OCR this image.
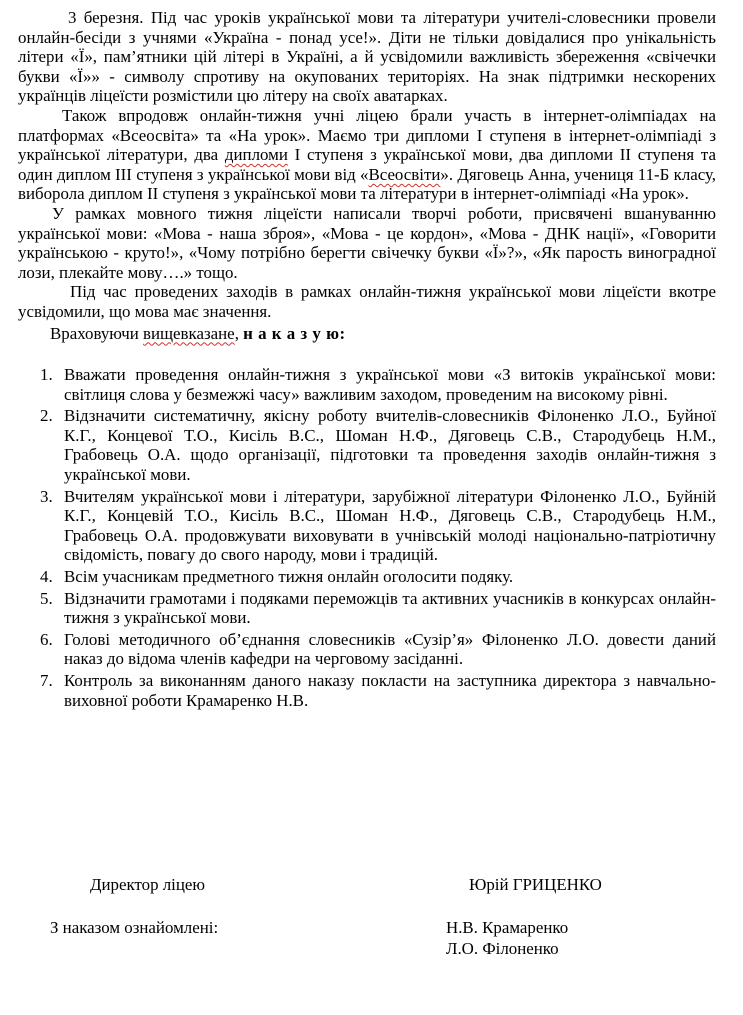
3 березня. Під час уроків української мови та літератури учителі-словесники провели онлайн-бесіди з учнями «Україна - понад усе!». Діти не тільки довідалися про унікальність літери «Ї», пам’ятники цій літері в Україні, а й усвідомили важливість збереження «свічечки букви «Ї»» - символу спротиву на окупованих територіях. На знак підтримки нескорених українців ліцеїсти розмістили цю літеру на своїх аватарках.

Також впродовж онлайн-тижня учні ліцею брали участь в інтернет-олімпіадах на платформах «Всеосвіта» та «На урок». Маємо три дипломи І ступеня в інтернет-олімпіаді з української літератури, два дипломи І ступеня з української мови, два дипломи ІІ ступеня та один диплом ІІІ ступеня з української мови від «Всеосвіти». Дяговець Анна, учениця 11-Б класу, виборола диплом ІІ ступеня з української мови та літератури в інтернет-олімпіаді «На урок».

У рамках мовного тижня ліцеїсти написали творчі роботи, присвячені вшануванню української мови: «Мова - наша зброя», «Мова - це кордон», «Мова - ДНК нації», «Говорити українською - круто!», «Чому потрібно берегти свічечку букви «Ї»?», «Як парость виноградної лози, плекайте мову….» тощо.

Під час проведених заходів в рамках онлайн-тижня української мови ліцеїсти вкотре усвідомили, що мова має значення.

Враховуючи вищевказане, н а к а з у ю:

1. Вважати проведення онлайн-тижня з української мови «З витоків української мови: світлиця слова у безмежжі часу» важливим заходом, проведеним на високому рівні.
2. Відзначити систематичну, якісну роботу вчителів-словесників Філоненко Л.О., Буйної К.Г., Концевої Т.О., Кисіль В.С., Шоман Н.Ф., Дяговець С.В., Стародубець Н.М., Грабовець О.А. щодо організації, підготовки та проведення заходів онлайн-тижня з української мови.
3. Вчителям української мови і літератури, зарубіжної літератури Філоненко Л.О., Буйній К.Г., Концевій Т.О., Кисіль В.С., Шоман Н.Ф., Дяговець С.В., Стародубець Н.М., Грабовець О.А. продовжувати виховувати в учнівській молоді національно-патріотичну свідомість, повагу до свого народу, мови і традицій.
4. Всім учасникам предметного тижня онлайн оголосити подяку.
5. Відзначити грамотами і подяками переможців та активних учасників в конкурсах онлайн-тижня з української мови.
6. Голові методичного об’єднання словесників «Сузір’я» Філоненко Л.О. довести даний наказ до відома членів кафедри на черговому засіданні.
7. Контроль за виконанням даного наказу покласти на заступника директора з навчально-виховної роботи Крамаренко Н.В.
Директор ліцею	Юрій ГРИЦЕНКО
З наказом ознайомлені:	Н.В. Крамаренко
Л.О. Філоненко
